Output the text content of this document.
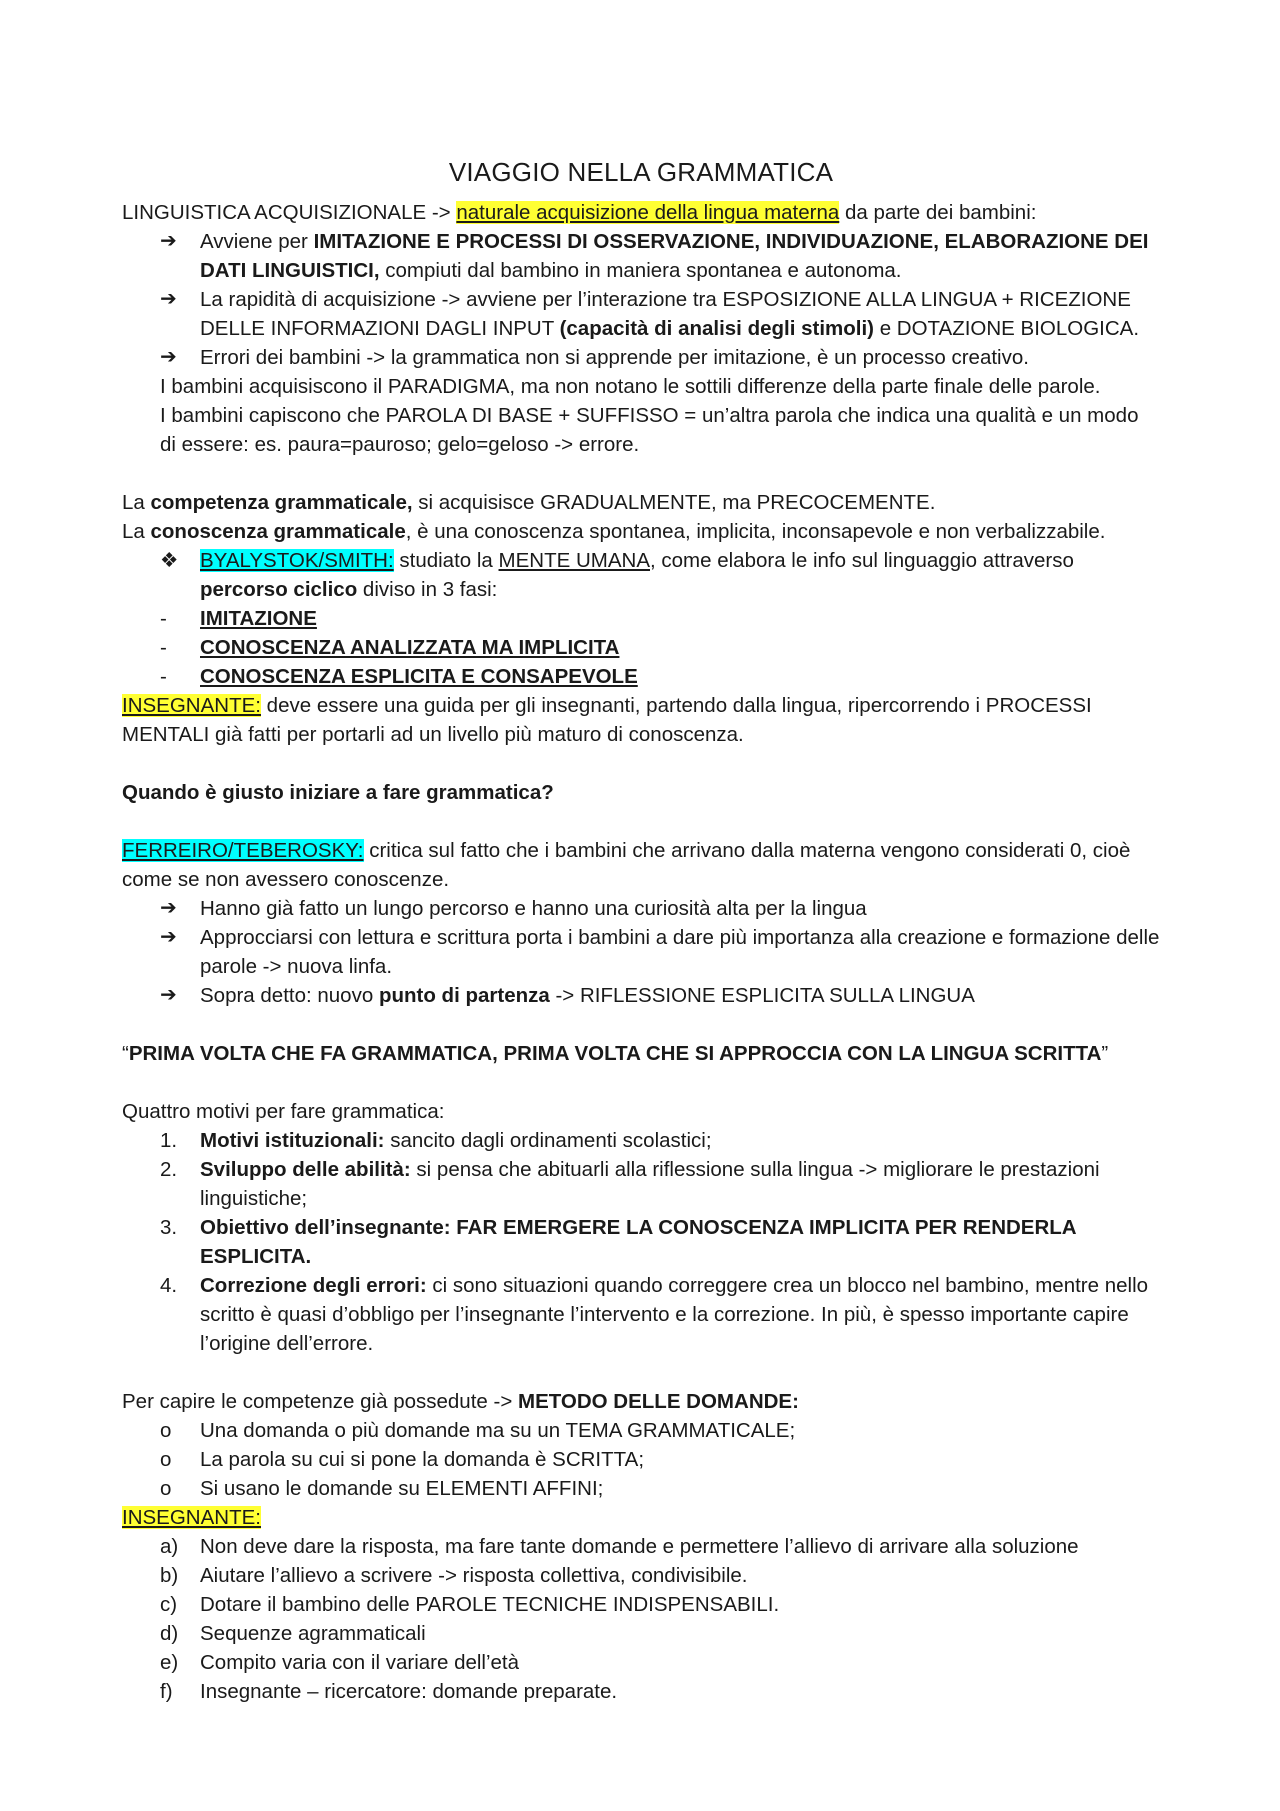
VIAGGIO NELLA GRAMMATICA

LINGUISTICA ACQUISIZIONALE -> naturale acquisizione della lingua materna da parte dei bambini:

➔	Avviene per IMITAZIONE E PROCESSI DI OSSERVAZIONE, INDIVIDUAZIONE, ELABORAZIONE DEI DATI LINGUISTICI, compiuti dal bambino in maniera spontanea e autonoma.
➔	La rapidità di acquisizione -> avviene per l’interazione tra ESPOSIZIONE ALLA LINGUA + RICEZIONE DELLE INFORMAZIONI DAGLI INPUT (capacità di analisi degli stimoli) e DOTAZIONE BIOLOGICA.
➔	Errori dei bambini -> la grammatica non si apprende per imitazione, è un processo creativo.

I bambini acquisiscono il PARADIGMA, ma non notano le sottili differenze della parte finale delle parole.

I bambini capiscono che PAROLA DI BASE + SUFFISSO = un’altra parola che indica una qualità e un modo di essere: es. paura=pauroso; gelo=geloso -> errore.

La competenza grammaticale, si acquisisce GRADUALMENTE, ma PRECOCEMENTE.

La conoscenza grammaticale, è una conoscenza spontanea, implicita, inconsapevole e non verbalizzabile.

❖	BYALYSTOK/SMITH: studiato la MENTE UMANA, come elabora le info sul linguaggio attraverso percorso ciclico diviso in 3 fasi:
-	IMITAZIONE
-	CONOSCENZA ANALIZZATA MA IMPLICITA
-	CONOSCENZA ESPLICITA E CONSAPEVOLE

INSEGNANTE: deve essere una guida per gli insegnanti, partendo dalla lingua, ripercorrendo i PROCESSI MENTALI già fatti per portarli ad un livello più maturo di conoscenza.

Quando è giusto iniziare a fare grammatica?

FERREIRO/TEBEROSKY: critica sul fatto che i bambini che arrivano dalla materna vengono considerati 0, cioè come se non avessero conoscenze.

➔	Hanno già fatto un lungo percorso e hanno una curiosità alta per la lingua
➔	Approcciarsi con lettura e scrittura porta i bambini a dare più importanza alla creazione e formazione delle parole -> nuova linfa.
➔	Sopra detto: nuovo punto di partenza -> RIFLESSIONE ESPLICITA SULLA LINGUA

“PRIMA VOLTA CHE FA GRAMMATICA, PRIMA VOLTA CHE SI APPROCCIA CON LA LINGUA SCRITTA”

Quattro motivi per fare grammatica:

1.	Motivi istituzionali: sancito dagli ordinamenti scolastici;
2.	Sviluppo delle abilità: si pensa che abituarli alla riflessione sulla lingua -> migliorare le prestazioni linguistiche;
3.	Obiettivo dell’insegnante: FAR EMERGERE LA CONOSCENZA IMPLICITA PER RENDERLA ESPLICITA.
4.	Correzione degli errori: ci sono situazioni quando correggere crea un blocco nel bambino, mentre nello scritto è quasi d’obbligo per l’insegnante l’intervento e la correzione. In più, è spesso importante capire l’origine dell’errore.

Per capire le competenze già possedute -> METODO DELLE DOMANDE:

o	Una domanda o più domande ma su un TEMA GRAMMATICALE;
o	La parola su cui si pone la domanda è SCRITTA;
o	Si usano le domande su ELEMENTI AFFINI;

INSEGNANTE:

a)	Non deve dare la risposta, ma fare tante domande e permettere l’allievo di arrivare alla soluzione
b)	Aiutare l’allievo a scrivere -> risposta collettiva, condivisibile.
c)	Dotare il bambino delle PAROLE TECNICHE INDISPENSABILI.
d)	Sequenze agrammaticali
e)	Compito varia con il variare dell’età
f)	Insegnante – ricercatore: domande preparate.
